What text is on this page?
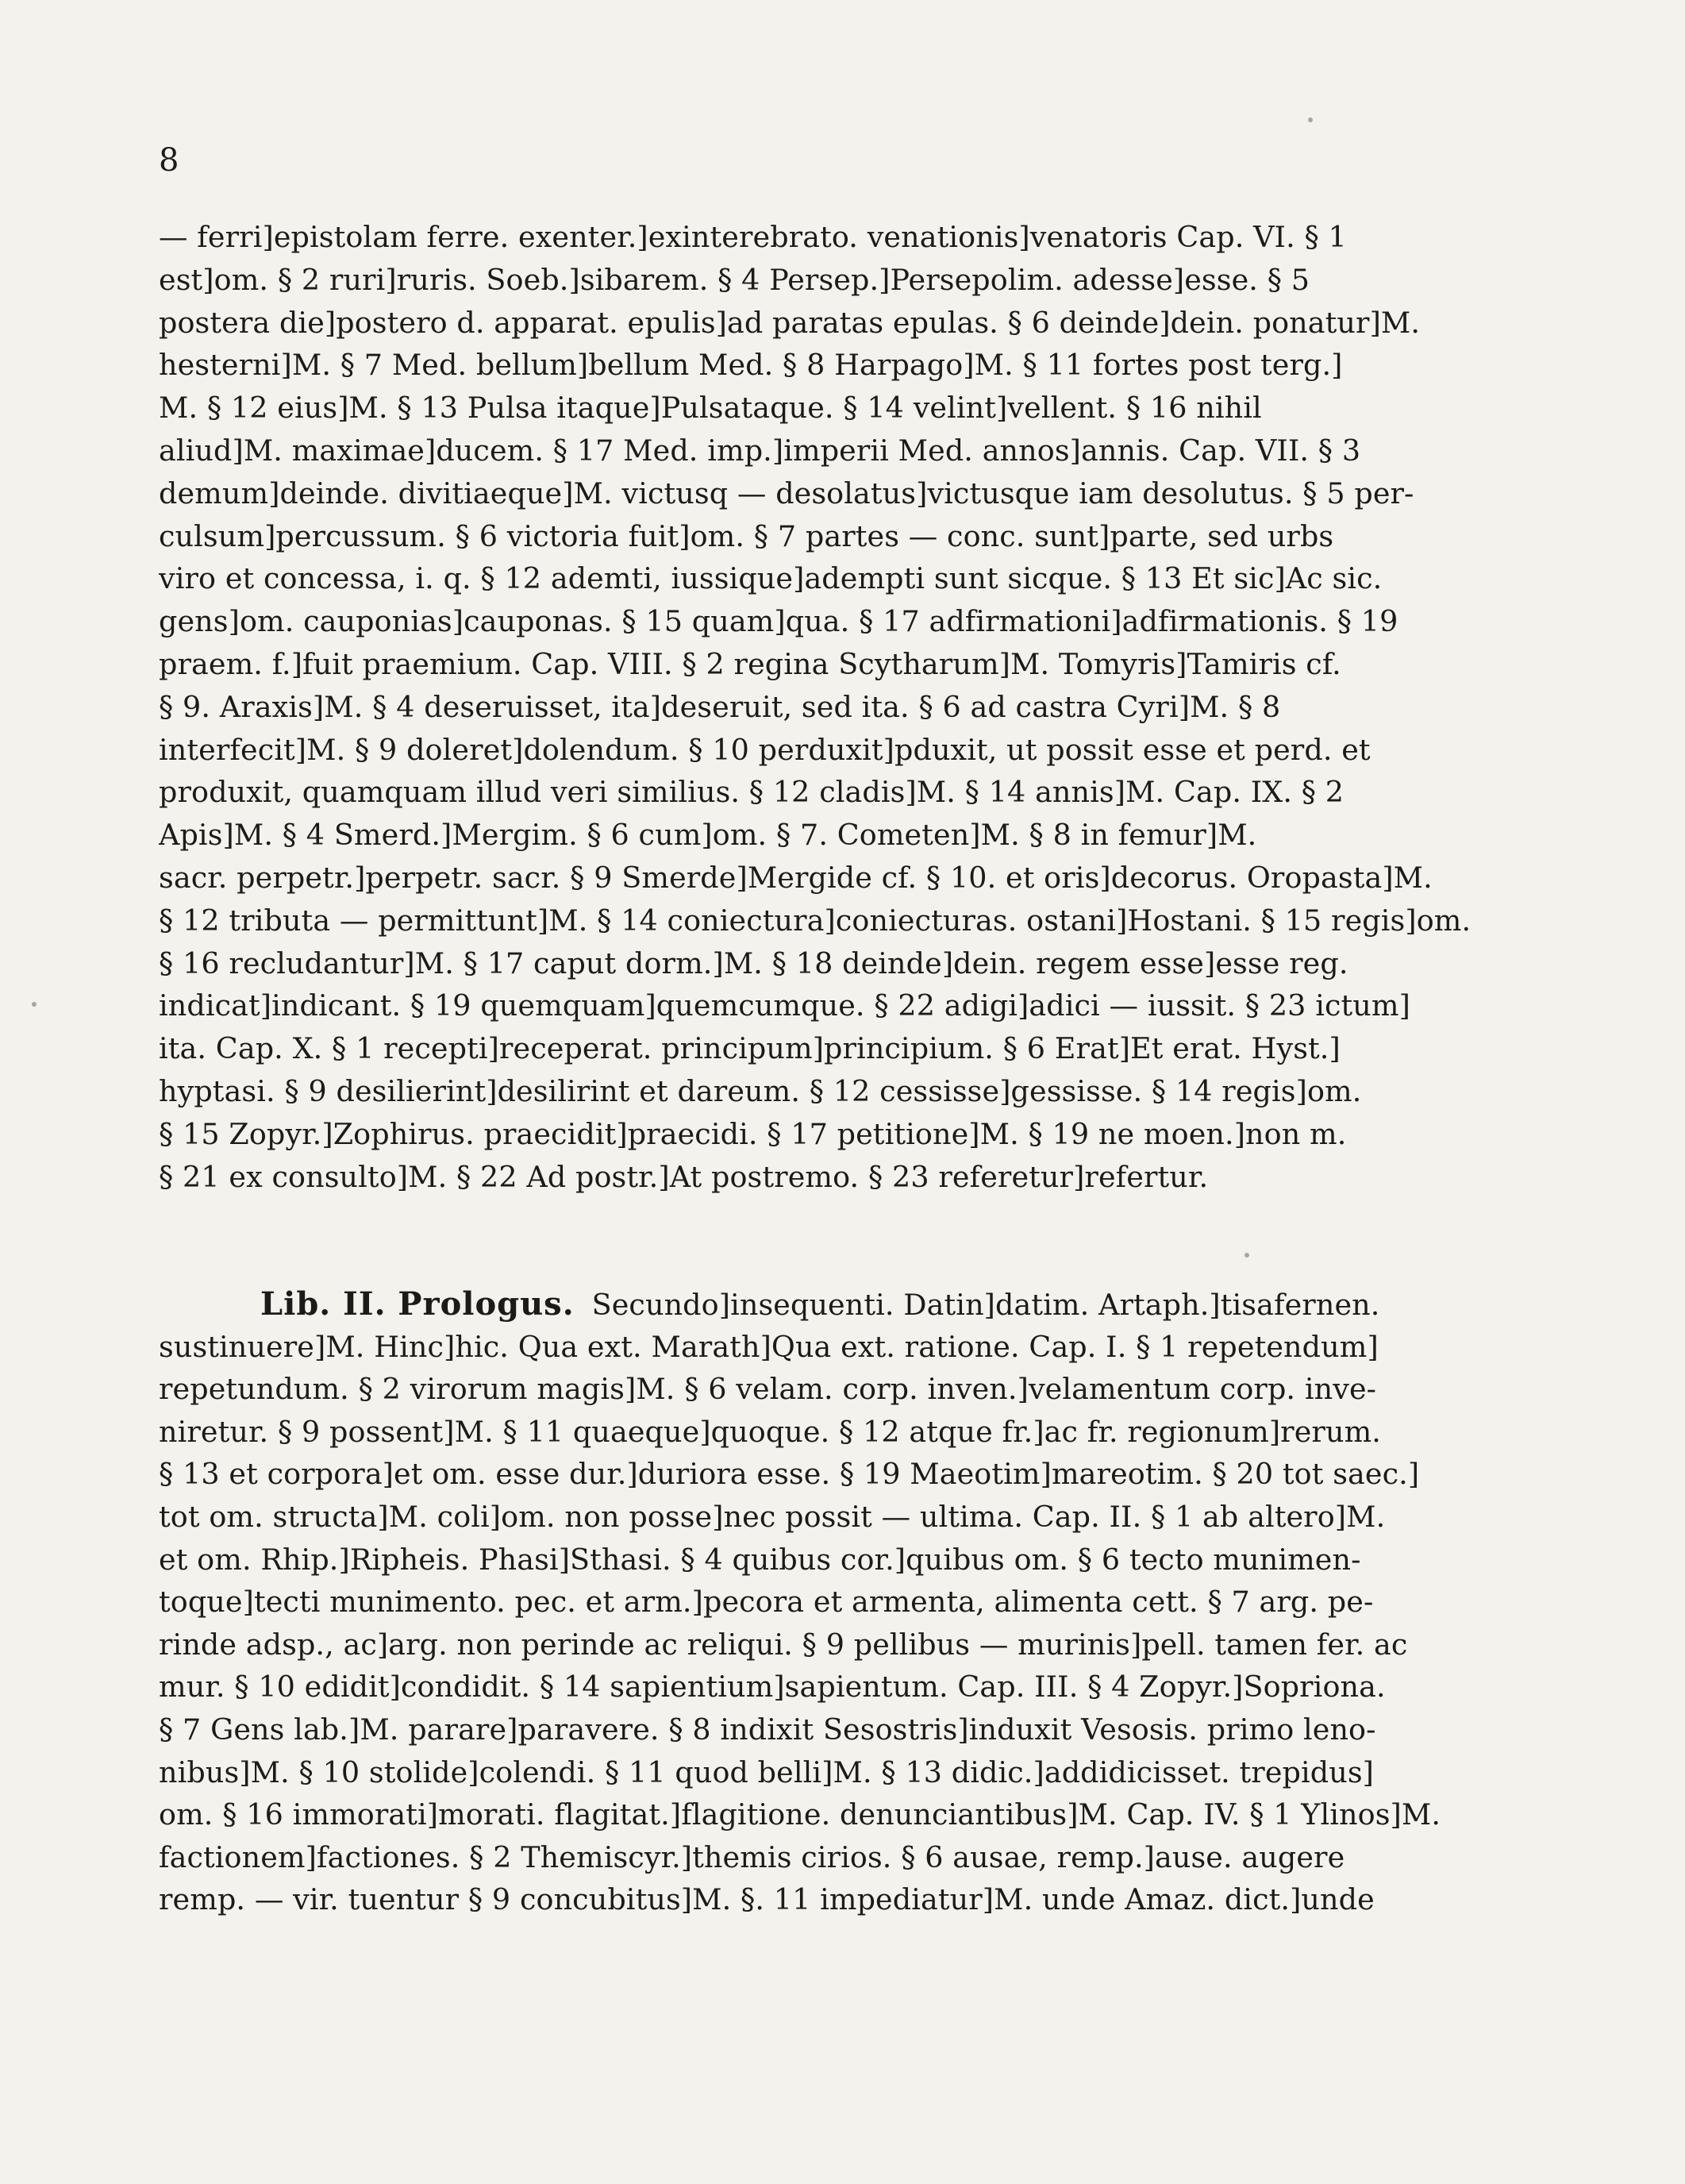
8
— ferri]epistolam ferre. exenter.]exinterebrato. venationis]venatoris Cap. VI. § 1
est]om. § 2 ruri]ruris. Soeb.]sibarem. § 4 Persep.]Persepolim. adesse]esse. § 5
postera die]postero d. apparat. epulis]ad paratas epulas. § 6 deinde]dein. ponatur]M.
hesterni]M. § 7 Med. bellum]bellum Med. § 8 Harpago]M. § 11 fortes post terg.]
M. § 12 eius]M. § 13 Pulsa itaque]Pulsataque. § 14 velint]vellent. § 16 nihil
aliud]M. maximae]ducem. § 17 Med. imp.]imperii Med. annos]annis. Cap. VII. § 3
demum]deinde. divitiaeque]M. victusq — desolatus]victusque iam desolutus. § 5 per-
culsum]percussum. § 6 victoria fuit]om. § 7 partes — conc. sunt]parte, sed urbs
viro et concessa, i. q. § 12 ademti, iussique]adempti sunt sicque. § 13 Et sic]Ac sic.
gens]om. cauponias]cauponas. § 15 quam]qua. § 17 adfirmationi]adfirmationis. § 19
praem. f.]fuit praemium. Cap. VIII. § 2 regina Scytharum]M. Tomyris]Tamiris cf.
§ 9. Araxis]M. § 4 deseruisset, ita]deseruit, sed ita. § 6 ad castra Cyri]M. § 8
interfecit]M. § 9 doleret]dolendum. § 10 perduxit]pduxit, ut possit esse et perd. et
produxit, quamquam illud veri similius. § 12 cladis]M. § 14 annis]M. Cap. IX. § 2
Apis]M. § 4 Smerd.]Mergim. § 6 cum]om. § 7. Cometen]M. § 8 in femur]M.
sacr. perpetr.]perpetr. sacr. § 9 Smerde]Mergide cf. § 10. et oris]decorus. Oropasta]M.
§ 12 tributa — permittunt]M. § 14 coniectura]coniecturas. ostani]Hostani. § 15 regis]om.
§ 16 recludantur]M. § 17 caput dorm.]M. § 18 deinde]dein. regem esse]esse reg.
indicat]indicant. § 19 quemquam]quemcumque. § 22 adigi]adici — iussit. § 23 ictum]
ita. Cap. X. § 1 recepti]receperat. principum]principium. § 6 Erat]Et erat. Hyst.]
hyptasi. § 9 desilierint]desilirint et dareum. § 12 cessisse]gessisse. § 14 regis]om.
§ 15 Zopyr.]Zophirus. praecidit]praecidi. § 17 petitione]M. § 19 ne moen.]non m.
§ 21 ex consulto]M. § 22 Ad postr.]At postremo. § 23 referetur]refertur.
Lib. II. Prologus. Secundo]insequenti. Datin]datim. Artaph.]tisafernen.
sustinuere]M. Hinc]hic. Qua ext. Marath]Qua ext. ratione. Cap. I. § 1 repetendum]
repetundum. § 2 virorum magis]M. § 6 velam. corp. inven.]velamentum corp. inve-
niretur. § 9 possent]M. § 11 quaeque]quoque. § 12 atque fr.]ac fr. regionum]rerum.
§ 13 et corpora]et om. esse dur.]duriora esse. § 19 Maeotim]mareotim. § 20 tot saec.]
tot om. structa]M. coli]om. non posse]nec possit — ultima. Cap. II. § 1 ab altero]M.
et om. Rhip.]Ripheis. Phasi]Sthasi. § 4 quibus cor.]quibus om. § 6 tecto munimen-
toque]tecti munimento. pec. et arm.]pecora et armenta, alimenta cett. § 7 arg. pe-
rinde adsp., ac]arg. non perinde ac reliqui. § 9 pellibus — murinis]pell. tamen fer. ac
mur. § 10 edidit]condidit. § 14 sapientium]sapientum. Cap. III. § 4 Zopyr.]Sopriona.
§ 7 Gens lab.]M. parare]paravere. § 8 indixit Sesostris]induxit Vesosis. primo leno-
nibus]M. § 10 stolide]colendi. § 11 quod belli]M. § 13 didic.]addidicisset. trepidus]
om. § 16 immorati]morati. flagitat.]flagitione. denunciantibus]M. Cap. IV. § 1 Ylinos]M.
factionem]factiones. § 2 Themiscyr.]themis cirios. § 6 ausae, remp.]ause. augere
remp. — vir. tuentur § 9 concubitus]M. §. 11 impediatur]M. unde Amaz. dict.]unde
